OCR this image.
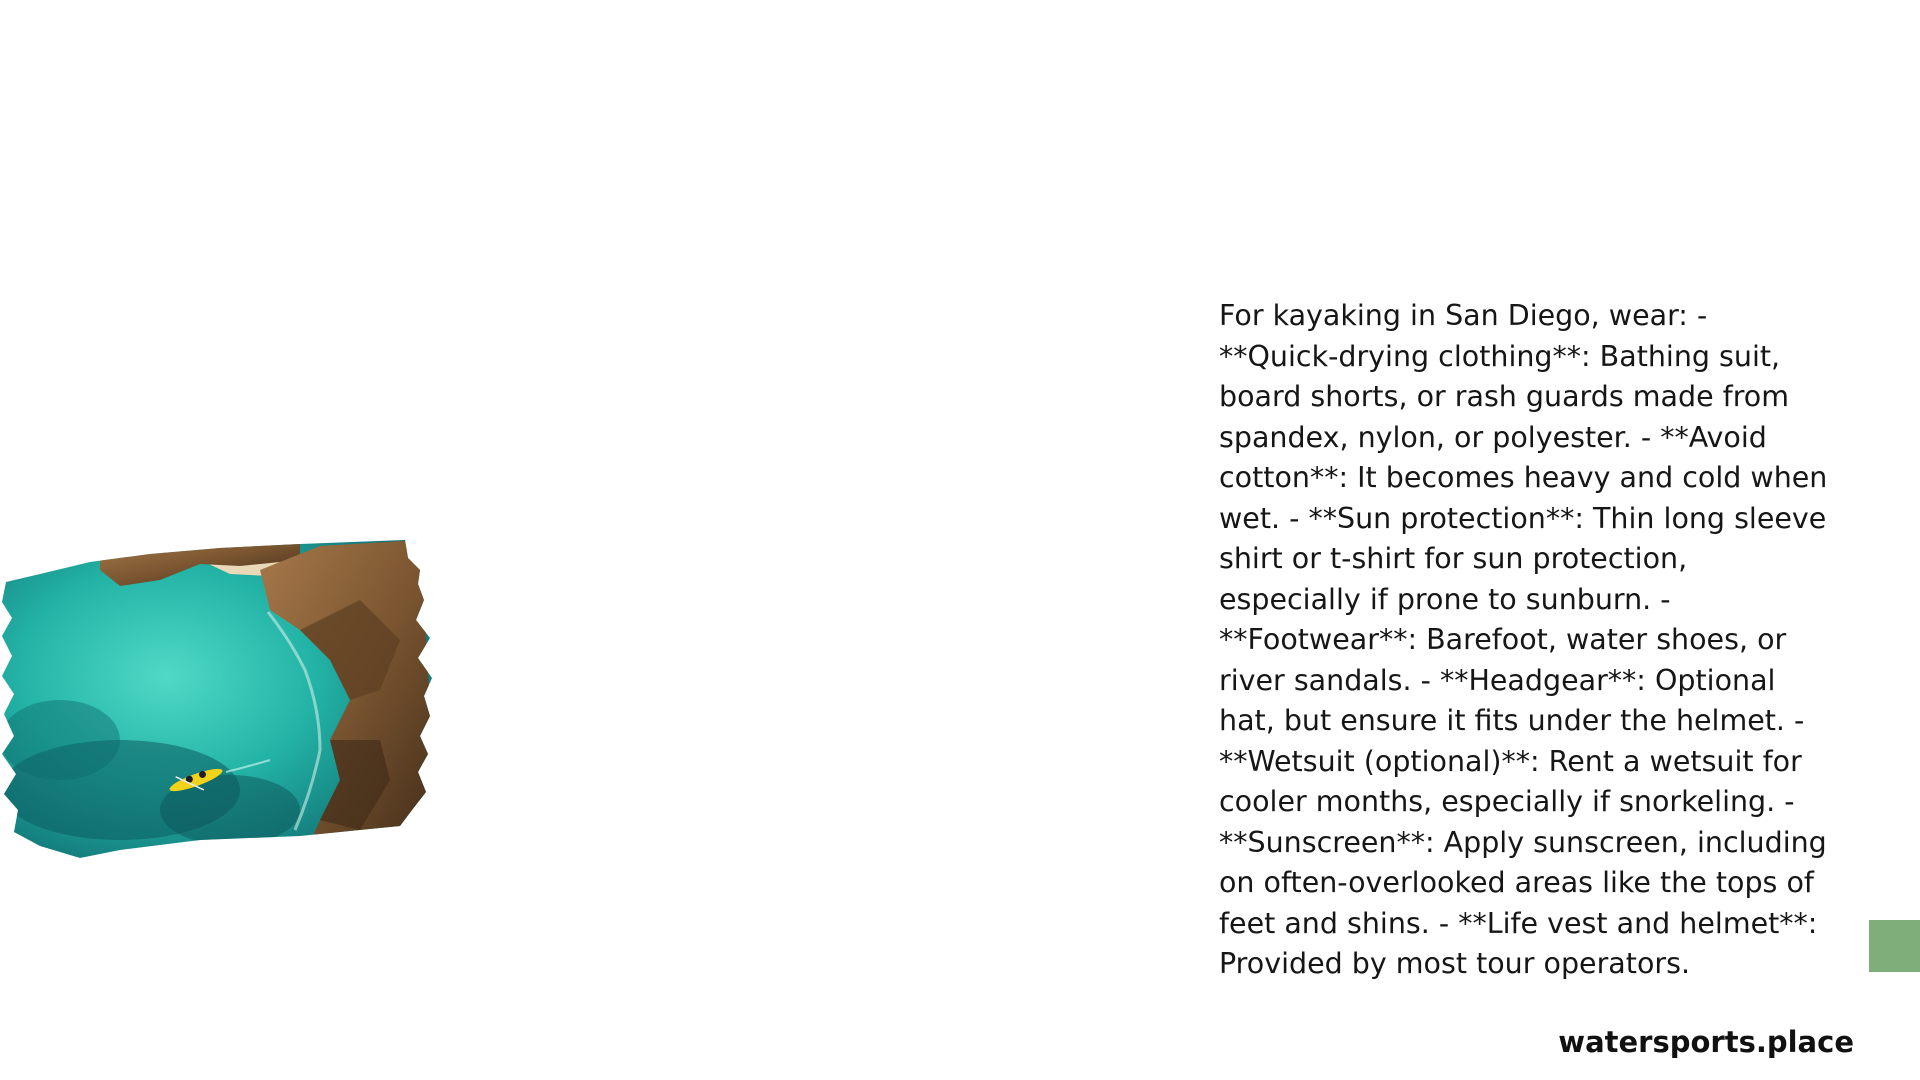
For kayaking in San Diego, wear: - **Quick-drying clothing**: Bathing suit, board shorts, or rash guards made from spandex, nylon, or polyester. - **Avoid cotton**: It becomes heavy and cold when wet. - **Sun protection**: Thin long sleeve shirt or t-shirt for sun protection, especially if prone to sunburn. - **Footwear**: Barefoot, water shoes, or river sandals. - **Headgear**: Optional hat, but ensure it fits under the helmet. - **Wetsuit (optional)**: Rent a wetsuit for cooler months, especially if snorkeling. - **Sunscreen**: Apply sunscreen, including on often-overlooked areas like the tops of feet and shins. - **Life vest and helmet**: Provided by most tour operators.

watersports.place
